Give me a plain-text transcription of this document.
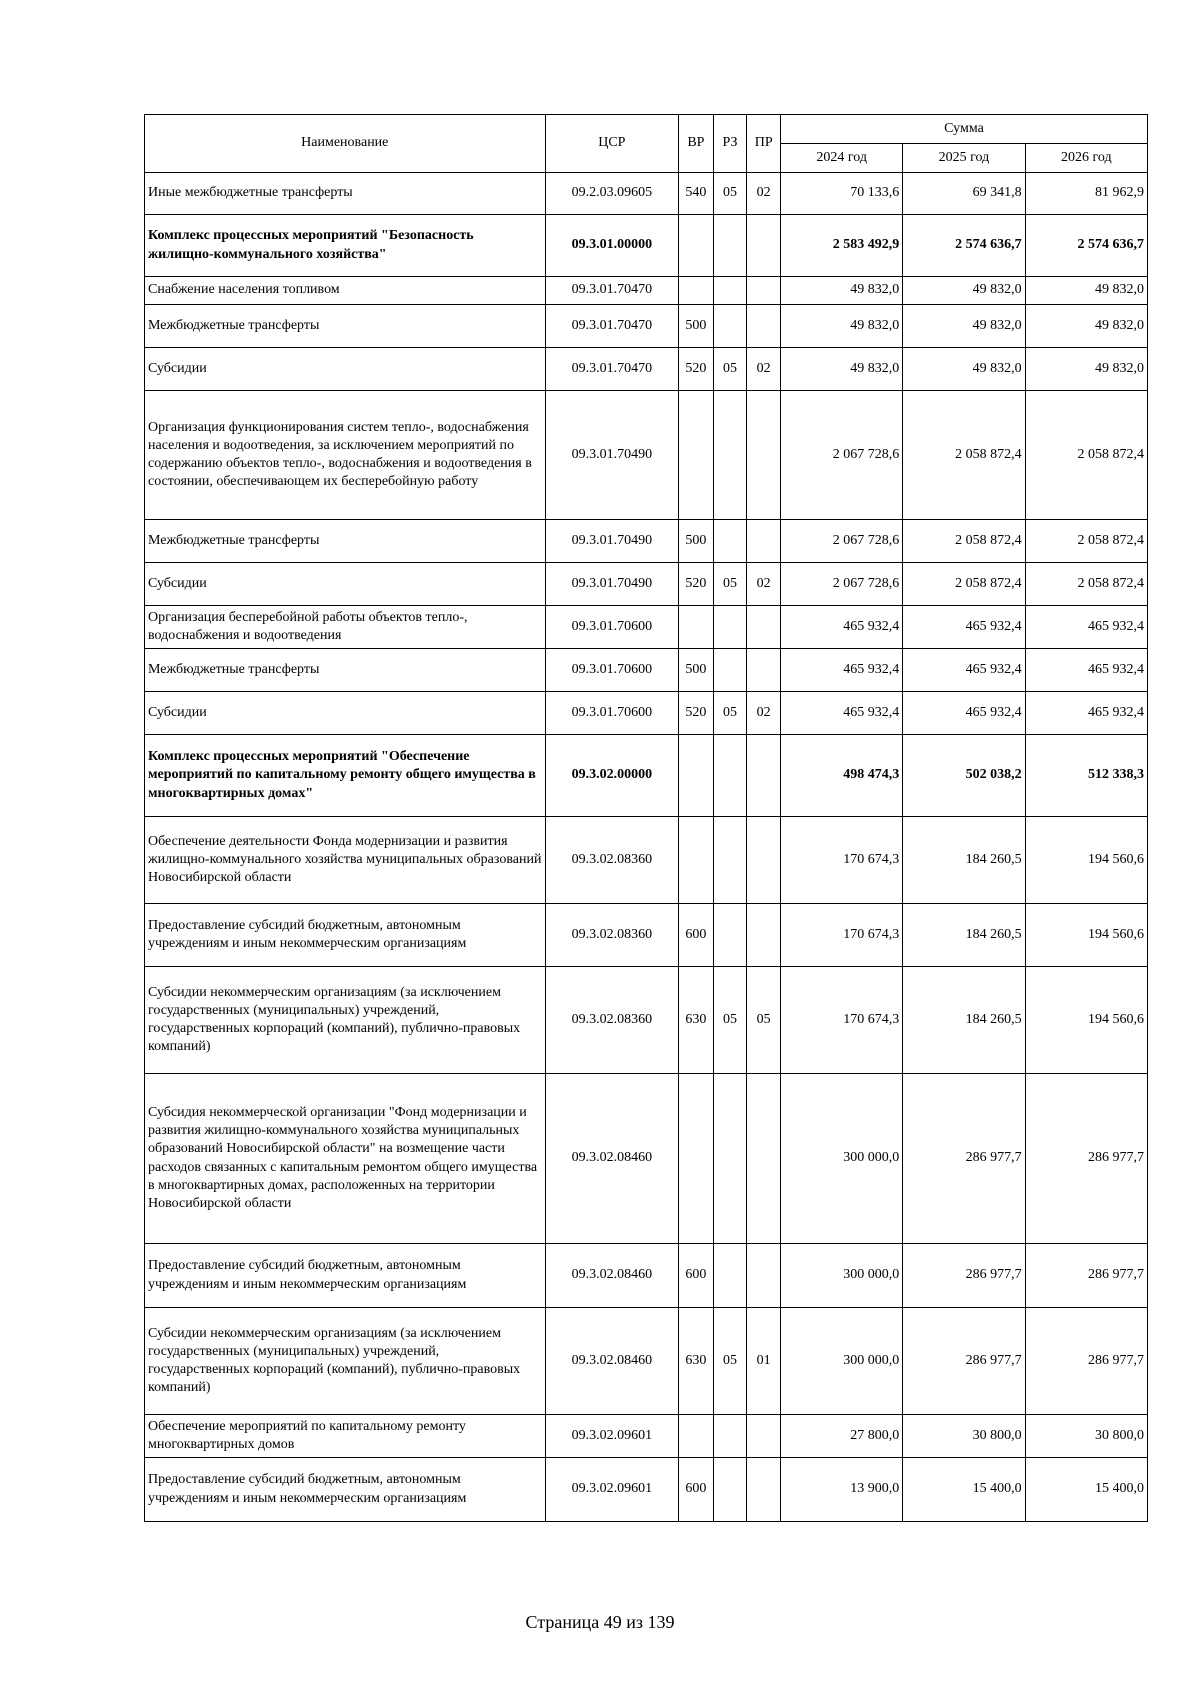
Наименование	ЦСР	ВР	РЗ	ПР	Сумма		
					2024 год	2025 год	2026 год
Иные межбюджетные трансферты	09.2.03.09605	540	05	02	70 133,6	69 341,8	81 962,9
Комплекс процессных мероприятий "Безопасность жилищно-коммунального хозяйства"	09.3.01.00000				2 583 492,9	2 574 636,7	2 574 636,7
Снабжение населения топливом	09.3.01.70470				49 832,0	49 832,0	49 832,0
Межбюджетные трансферты	09.3.01.70470	500			49 832,0	49 832,0	49 832,0
Субсидии	09.3.01.70470	520	05	02	49 832,0	49 832,0	49 832,0
Организация функционирования систем тепло-, водоснабжения населения и водоотведения, за исключением мероприятий по содержанию объектов тепло-, водоснабжения и водоотведения в состоянии, обеспечивающем их бесперебойную работу	09.3.01.70490				2 067 728,6	2 058 872,4	2 058 872,4
Межбюджетные трансферты	09.3.01.70490	500			2 067 728,6	2 058 872,4	2 058 872,4
Субсидии	09.3.01.70490	520	05	02	2 067 728,6	2 058 872,4	2 058 872,4
Организация бесперебойной работы объектов тепло-, водоснабжения и водоотведения	09.3.01.70600				465 932,4	465 932,4	465 932,4
Межбюджетные трансферты	09.3.01.70600	500			465 932,4	465 932,4	465 932,4
Субсидии	09.3.01.70600	520	05	02	465 932,4	465 932,4	465 932,4
Комплекс процессных мероприятий "Обеспечение мероприятий по капитальному ремонту общего имущества в многоквартирных домах"	09.3.02.00000				498 474,3	502 038,2	512 338,3
Обеспечение деятельности Фонда модернизации и развития жилищно-коммунального хозяйства муниципальных образований Новосибирской области	09.3.02.08360				170 674,3	184 260,5	194 560,6
Предоставление субсидий бюджетным, автономным учреждениям и иным некоммерческим организациям	09.3.02.08360	600			170 674,3	184 260,5	194 560,6
Субсидии некоммерческим организациям (за исключением государственных (муниципальных) учреждений, государственных корпораций (компаний), публично-правовых компаний)	09.3.02.08360	630	05	05	170 674,3	184 260,5	194 560,6
Субсидия некоммерческой организации "Фонд модернизации и развития жилищно-коммунального хозяйства муниципальных образований Новосибирской области" на возмещение части расходов связанных с капитальным ремонтом общего имущества в многоквартирных домах, расположенных на территории Новосибирской области	09.3.02.08460				300 000,0	286 977,7	286 977,7
Предоставление субсидий бюджетным, автономным учреждениям и иным некоммерческим организациям	09.3.02.08460	600			300 000,0	286 977,7	286 977,7
Субсидии некоммерческим организациям (за исключением государственных (муниципальных) учреждений, государственных корпораций (компаний), публично-правовых компаний)	09.3.02.08460	630	05	01	300 000,0	286 977,7	286 977,7
Обеспечение мероприятий по капитальному ремонту многоквартирных домов	09.3.02.09601				27 800,0	30 800,0	30 800,0
Предоставление субсидий бюджетным, автономным учреждениям и иным некоммерческим организациям	09.3.02.09601	600			13 900,0	15 400,0	15 400,0
Страница 49 из 139
